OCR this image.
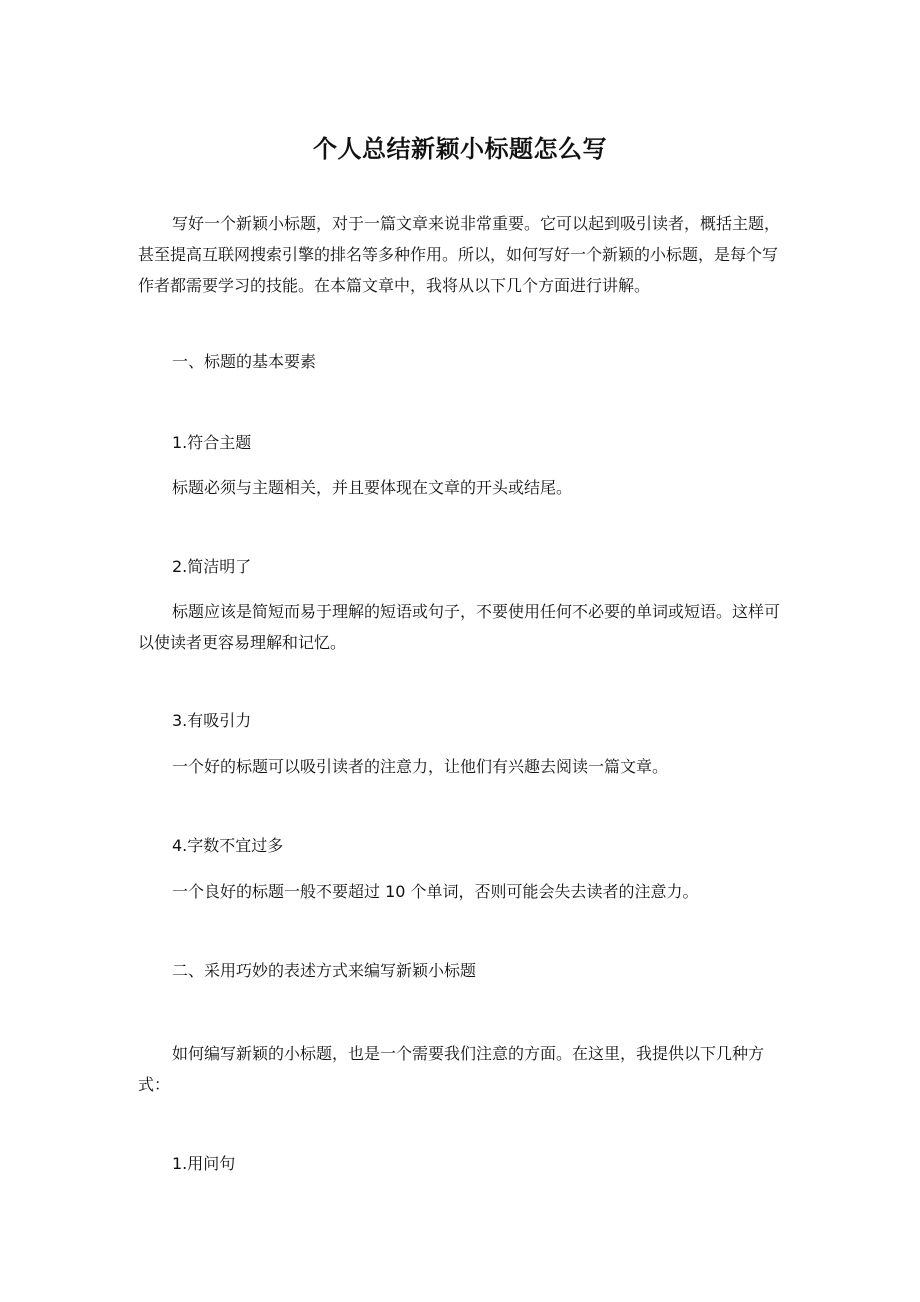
个人总结新颖小标题怎么写

写好一个新颖小标题，对于一篇文章来说非常重要。它可以起到吸引读者，概括主题，甚至提高互联网搜索引擎的排名等多种作用。所以，如何写好一个新颖的小标题，是每个写作者都需要学习的技能。在本篇文章中，我将从以下几个方面进行讲解。

一、标题的基本要素

1.符合主题

标题必须与主题相关，并且要体现在文章的开头或结尾。

2.简洁明了

标题应该是简短而易于理解的短语或句子，不要使用任何不必要的单词或短语。这样可以使读者更容易理解和记忆。

3.有吸引力

一个好的标题可以吸引读者的注意力，让他们有兴趣去阅读一篇文章。

4.字数不宜过多

一个良好的标题一般不要超过 10 个单词，否则可能会失去读者的注意力。

二、采用巧妙的表述方式来编写新颖小标题

如何编写新颖的小标题，也是一个需要我们注意的方面。在这里，我提供以下几种方式：

1.用问句
